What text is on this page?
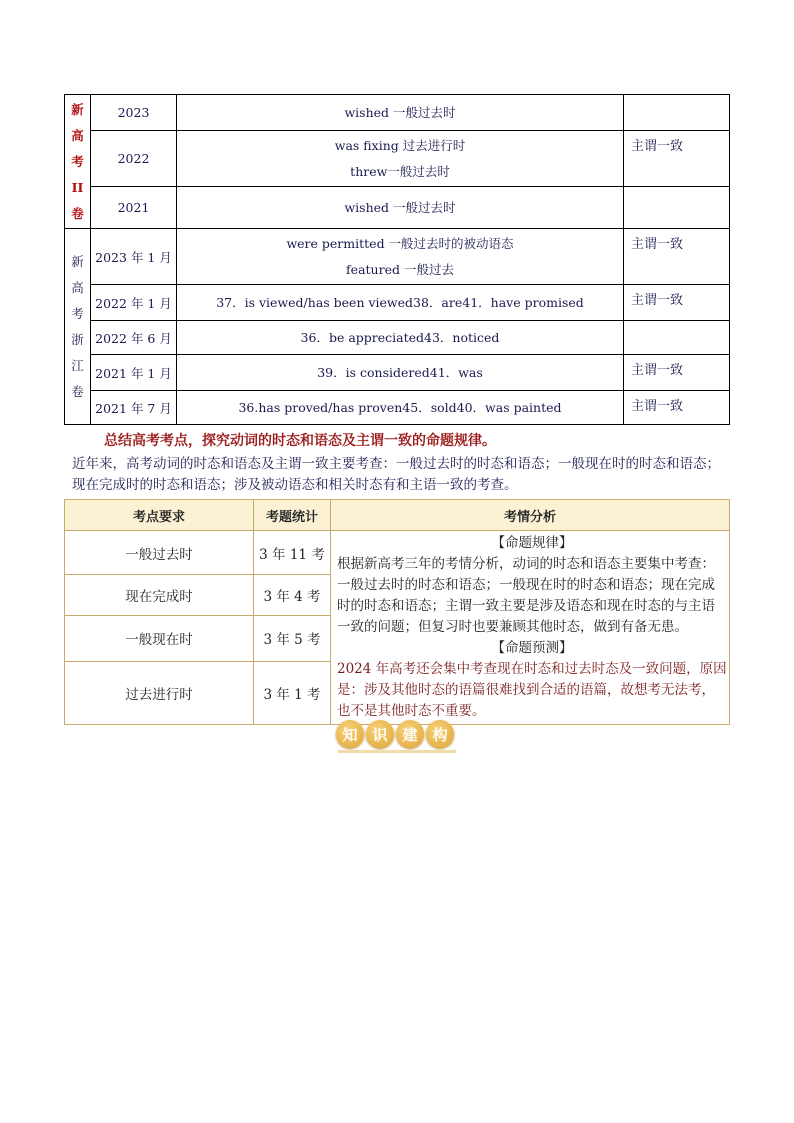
新高考II卷	2023	wished 一般过去时	

	2022	was fixing 过去进行时
threw一般过去时	主谓一致
	2021	wished 一般过去时	

新高考浙江卷	2023 年 1 月	were permitted 一般过去时的被动语态
featured 一般过去	主谓一致
	2022 年 1 月	37．is viewed/has been viewed38．are41．have promised	主谓一致
	2022 年 6 月	36．be appreciated43．noticed	

	2021 年 1 月	39．is considered41．was	主谓一致
	2021 年 7 月	36.has proved/has proven45．sold40．was painted	主谓一致
总结高考考点，探究动词的时态和语态及主谓一致的命题规律。
近年来，高考动词的时态和语态及主谓一致主要考查：一般过去时的时态和语态；一般现在时的时态和语态；现在完成时的时态和语态；涉及被动语态和相关时态有和主语一致的考查。
考点要求	考题统计	考情分析
一般过去时	3 年 11 考	【命题规律】
根据新高考三年的考情分析，动词的时态和语态主要集中考查：一般过去时的时态和语态；一般现在时的时态和语态；现在完成时的时态和语态；主谓一致主要是涉及语态和现在时态的与主语一致的问题；但复习时也要兼顾其他时态，做到有备无患。
【命题预测】
2024 年高考还会集中考查现在时态和过去时态及一致问题，原因是：涉及其他时态的语篇很难找到合适的语篇，故想考无法考，也不是其他时态不重要。

现在完成时	3 年 4 考	
一般现在时	3 年 5 考	
过去进行时	3 年 1 考	
知 识 建 构
